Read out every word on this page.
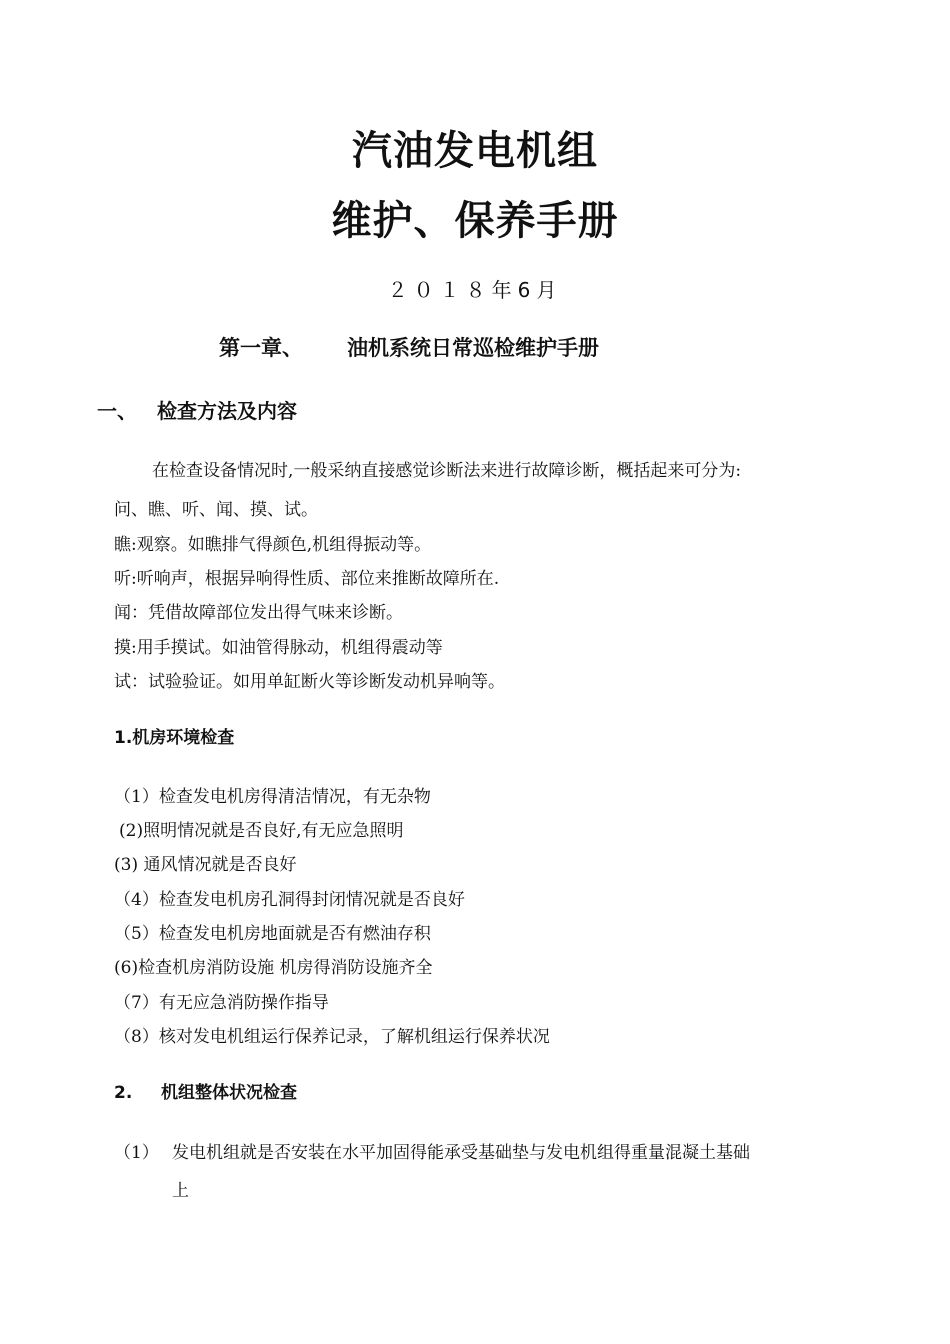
汽油发电机组
维护、保养手册
２０１８年6月
第一章、 油机系统日常巡检维护手册
一、 检查方法及内容
在检查设备情况时,一般采纳直接感觉诊断法来进行故障诊断，概括起来可分为:
问、瞧、听、闻、摸、试。
瞧:观察。如瞧排气得颜色,机组得振动等。
听:听响声，根据异响得性质、部位来推断故障所在.
闻：凭借故障部位发出得气味来诊断。
摸:用手摸试。如油管得脉动，机组得震动等
试：试验验证。如用单缸断火等诊断发动机异响等。
1.机房环境检查
（1）检查发电机房得清洁情况，有无杂物
(2)照明情况就是否良好,有无应急照明
(3) 通风情况就是否良好
（4）检查发电机房孔洞得封闭情况就是否良好
（5）检查发电机房地面就是否有燃油存积
(6)检查机房消防设施 机房得消防设施齐全
（7）有无应急消防操作指导
（8）核对发电机组运行保养记录，了解机组运行保养状况
2. 机组整体状况检查
（1） 发电机组就是否安装在水平加固得能承受基础垫与发电机组得重量混凝土基础
上
